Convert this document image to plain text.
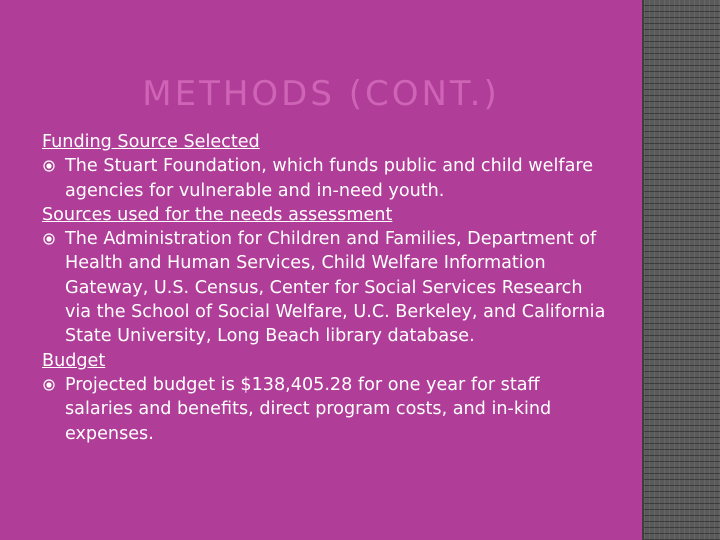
METHODS (CONT.)
Funding Source Selected
The Stuart Foundation, which funds public and child welfare agencies for vulnerable and in-need youth.
Sources used for the needs assessment
The Administration for Children and Families, Department of Health and Human Services, Child Welfare Information Gateway, U.S. Census, Center for Social Services Research via the School of Social Welfare, U.C. Berkeley, and California State University, Long Beach library database.
Budget
Projected budget is $138,405.28 for one year for staff salaries and benefits, direct program costs, and in-kind expenses.
